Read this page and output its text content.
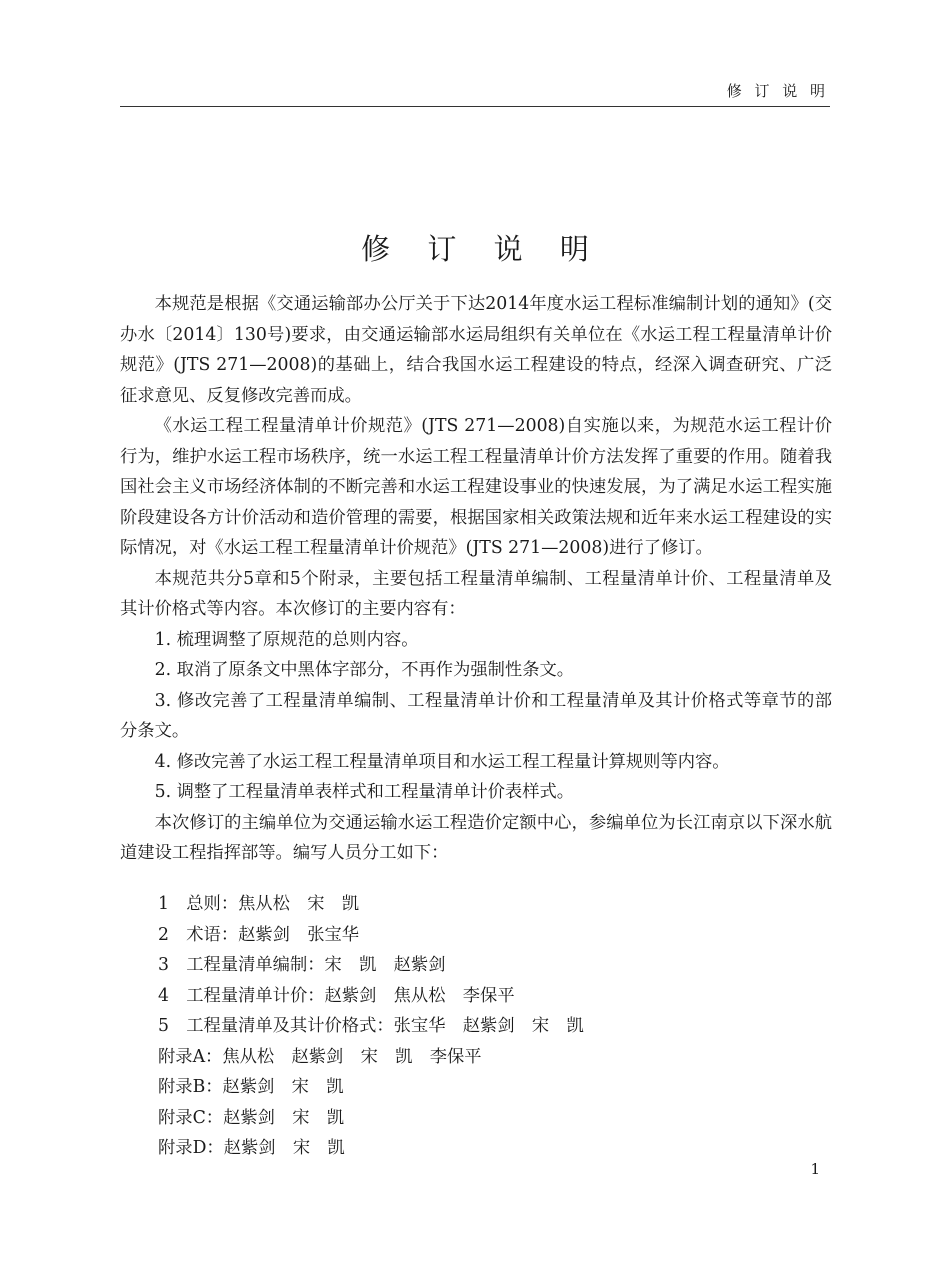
修 订 说 明
修 订 说 明

本规范是根据《交通运输部办公厅关于下达2014年度水运工程标准编制计划的通知》(交办水〔2014〕130号)要求，由交通运输部水运局组织有关单位在《水运工程工程量清单计价规范》(JTS 271—2008)的基础上，结合我国水运工程建设的特点，经深入调查研究、广泛征求意见、反复修改完善而成。

《水运工程工程量清单计价规范》(JTS 271—2008)自实施以来，为规范水运工程计价行为，维护水运工程市场秩序，统一水运工程工程量清单计价方法发挥了重要的作用。随着我国社会主义市场经济体制的不断完善和水运工程建设事业的快速发展，为了满足水运工程实施阶段建设各方计价活动和造价管理的需要，根据国家相关政策法规和近年来水运工程建设的实际情况，对《水运工程工程量清单计价规范》(JTS 271—2008)进行了修订。

本规范共分5章和5个附录，主要包括工程量清单编制、工程量清单计价、工程量清单及其计价格式等内容。本次修订的主要内容有：

1. 梳理调整了原规范的总则内容。

2. 取消了原条文中黑体字部分，不再作为强制性条文。

3. 修改完善了工程量清单编制、工程量清单计价和工程量清单及其计价格式等章节的部分条文。

4. 修改完善了水运工程工程量清单项目和水运工程工程量计算规则等内容。

5. 调整了工程量清单表样式和工程量清单计价表样式。

本次修订的主编单位为交通运输水运工程造价定额中心，参编单位为长江南京以下深水航道建设工程指挥部等。编写人员分工如下：

1　总则：焦从松　宋　凯
2　术语：赵紫剑　张宝华
3　工程量清单编制：宋　凯　赵紫剑
4　工程量清单计价：赵紫剑　焦从松　李保平
5　工程量清单及其计价格式：张宝华　赵紫剑　宋　凯
附录A：焦从松　赵紫剑　宋　凯　李保平
附录B：赵紫剑　宋　凯
附录C：赵紫剑　宋　凯
附录D：赵紫剑　宋　凯
1
